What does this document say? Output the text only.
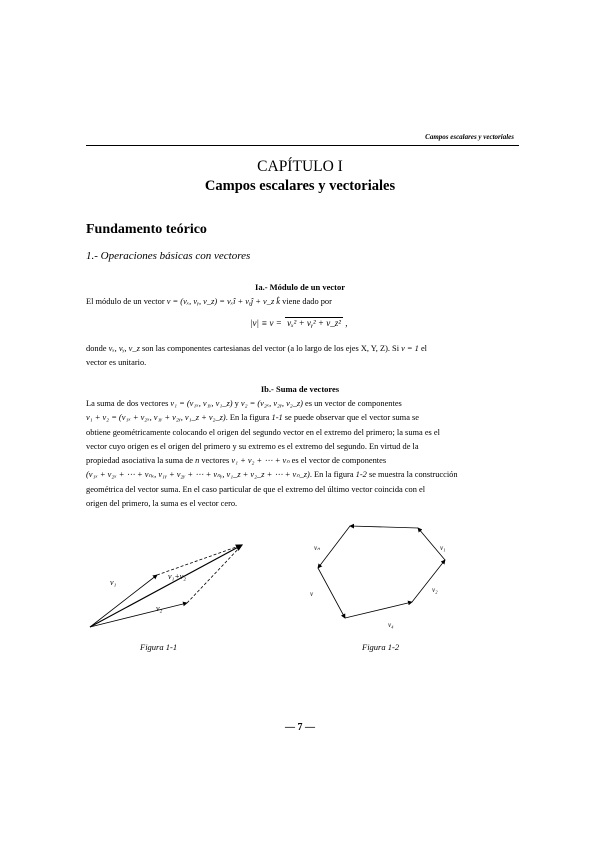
Campos escalares y vectoriales
CAPÍTULO I
Campos escalares y vectoriales
Fundamento teórico
1.- Operaciones básicas con vectores
Ia.- Módulo de un vector
El módulo de un vector v = (vₓ, vᵧ, v_z) = vₓî + vᵧĵ + v_z k̂ viene dado por
|v| ≡ v = vₓ² + vᵧ² + v_z² ,
donde vₓ, vᵧ, v_z son las componentes cartesianas del vector (a lo largo de los ejes X, Y, Z). Si v = 1 el
vector es unitario.
Ib.- Suma de vectores
La suma de dos vectores v₁ = (v₁ₓ, v₁ᵧ, v₁_z) y v₂ = (v₂ₓ, v₂ᵧ, v₂_z) es un vector de componentes
v₁ + v₂ = (v₁ₓ + v₂ₓ, v₁ᵧ + v₂ᵧ, v₁_z + v₂_z). En la figura 1-1 se puede observar que el vector suma se
obtiene geométricamente colocando el origen del segundo vector en el extremo del primero; la suma es el
vector cuyo origen es el origen del primero y su extremo es el extremo del segundo. En virtud de la
propiedad asociativa la suma de n vectores v₁ + v₂ + ⋯ + vₙ es el vector de componentes
(v₁ₓ + v₂ₓ + ⋯ + vₙₓ, v₁ᵧ + v₂ᵧ + ⋯ + vₙᵧ, v₁_z + v₂_z + ⋯ + vₙ_z). En la figura 1-2 se muestra la construcción
geométrica del vector suma. En el caso particular de que el extremo del último vector coincida con el
origen del primero, la suma es el vector cero.
v₁
v₂
v₁+v₂
Figura 1-1
vₙ
v
v₄
v₂
v₁
Figura 1-2
— 7 —
